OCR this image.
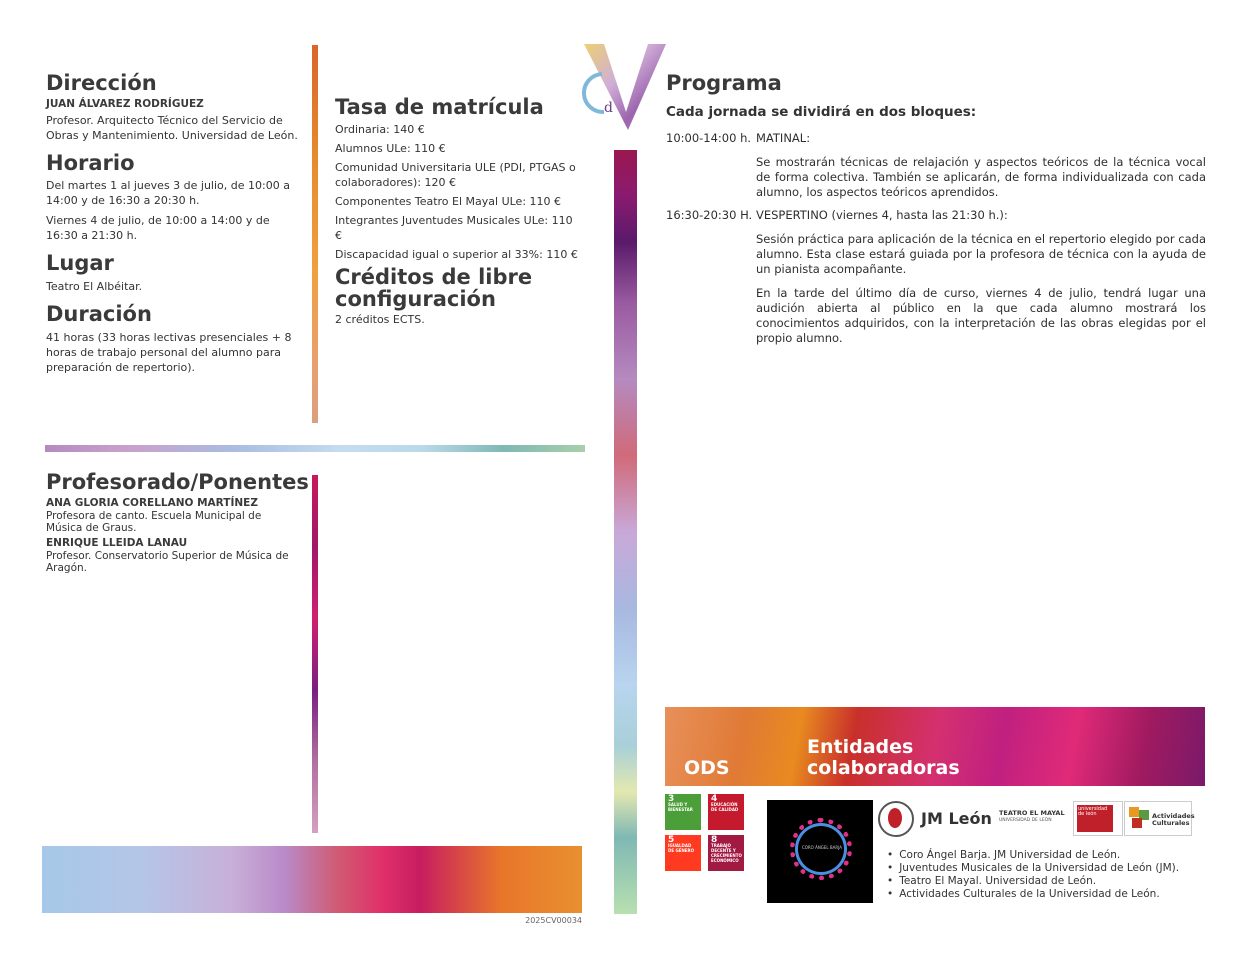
Dirección
JUAN ÁLVAREZ RODRÍGUEZ
Profesor. Arquitecto Técnico del Servicio de Obras y Mantenimiento. Universidad de León.
Horario
Del martes 1 al jueves 3 de julio, de 10:00 a 14:00 y de 16:30 a 20:30 h.
Viernes 4 de julio, de 10:00 a 14:00 y de 16:30 a 21:30 h.
Lugar
Teatro El Albéitar.
Duración
41 horas (33 horas lectivas presenciales + 8 horas de trabajo personal del alumno para preparación de repertorio).
Tasa de matrícula
Ordinaria: 140 €
Alumnos ULe: 110 €
Comunidad Universitaria ULE (PDI, PTGAS o colaboradores): 120 €
Componentes Teatro El Mayal ULe: 110 €
Integrantes Juventudes Musicales ULe: 110 €
Discapacidad igual o superior al 33%: 110 €
Créditos de libre configuración
2 créditos ECTS.
Profesorado/Ponentes
ANA GLORIA CORELLANO MARTÍNEZ
Profesora de canto. Escuela Municipal de Música de Graus.
ENRIQUE LLEIDA LANAU
Profesor. Conservatorio Superior de Música de Aragón.
2025CV00034
d
Programa
Cada jornada se dividirá en dos bloques:
10:00-14:00 h. MATINAL:
Se mostrarán técnicas de relajación y aspectos teóricos de la técnica vocal de forma colectiva. También se aplicarán, de forma individualizada con cada alumno, los aspectos teóricos aprendidos.
16:30-20:30 H. VESPERTINO (viernes 4, hasta las 21:30 h.):
Sesión práctica para aplicación de la técnica en el repertorio elegido por cada alumno. Esta clase estará guiada por la profesora de técnica con la ayuda de un pianista acompañante.
En la tarde del último día de curso, viernes 4 de julio, tendrá lugar una audición abierta al público en la que cada alumno mostrará los conocimientos adquiridos, con la interpretación de las obras elegidas por el propio alumno.
ODS
Entidades colaboradoras
3
SALUD Y BIENESTAR
4
EDUCACIÓN DE CALIDAD
5
IGUALDAD DE GÉNERO
8
TRABAJO DECENTE Y CRECIMIENTO ECONÓMICO
CORO ÁNGEL BARJA
JM León TEATRO EL MAYAL
UNIVERSIDAD DE LEÓN
universidad de león	Actividades Culturales
• Coro Ángel Barja. JM Universidad de León.
• Juventudes Musicales de la Universidad de León (JM).
• Teatro El Mayal. Universidad de León.
• Actividades Culturales de la Universidad de León.
